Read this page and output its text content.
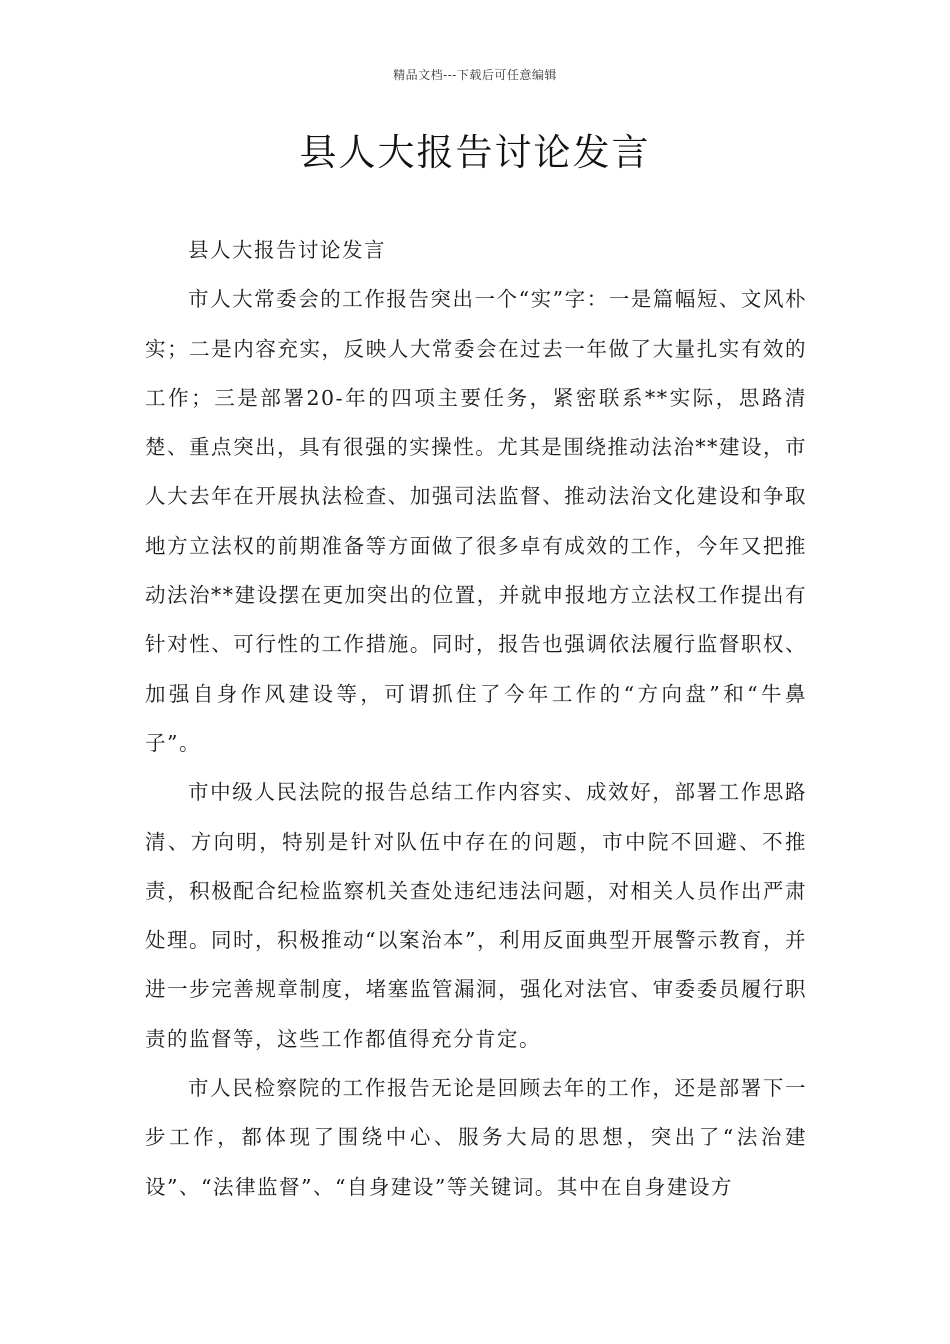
精品文档---下载后可任意编辑
县人大报告讨论发言

县人大报告讨论发言

市人大常委会的工作报告突出一个“实”字：一是篇幅短、文风朴实；二是内容充实，反映人大常委会在过去一年做了大量扎实有效的工作；三是部署20-年的四项主要任务，紧密联系**实际，思路清楚、重点突出，具有很强的实操性。尤其是围绕推动法治**建设，市人大去年在开展执法检查、加强司法监督、推动法治文化建设和争取地方立法权的前期准备等方面做了很多卓有成效的工作，今年又把推动法治**建设摆在更加突出的位置，并就申报地方立法权工作提出有针对性、可行性的工作措施。同时，报告也强调依法履行监督职权、加强自身作风建设等，可谓抓住了今年工作的“方向盘”和“牛鼻子”。

市中级人民法院的报告总结工作内容实、成效好，部署工作思路清、方向明，特别是针对队伍中存在的问题，市中院不回避、不推责，积极配合纪检监察机关查处违纪违法问题，对相关人员作出严肃处理。同时，积极推动“以案治本”，利用反面典型开展警示教育，并进一步完善规章制度，堵塞监管漏洞，强化对法官、审委委员履行职责的监督等，这些工作都值得充分肯定。

市人民检察院的工作报告无论是回顾去年的工作，还是部署下一步工作，都体现了围绕中心、服务大局的思想，突出了“法治建设”、“法律监督”、“自身建设”等关键词。其中在自身建设方
